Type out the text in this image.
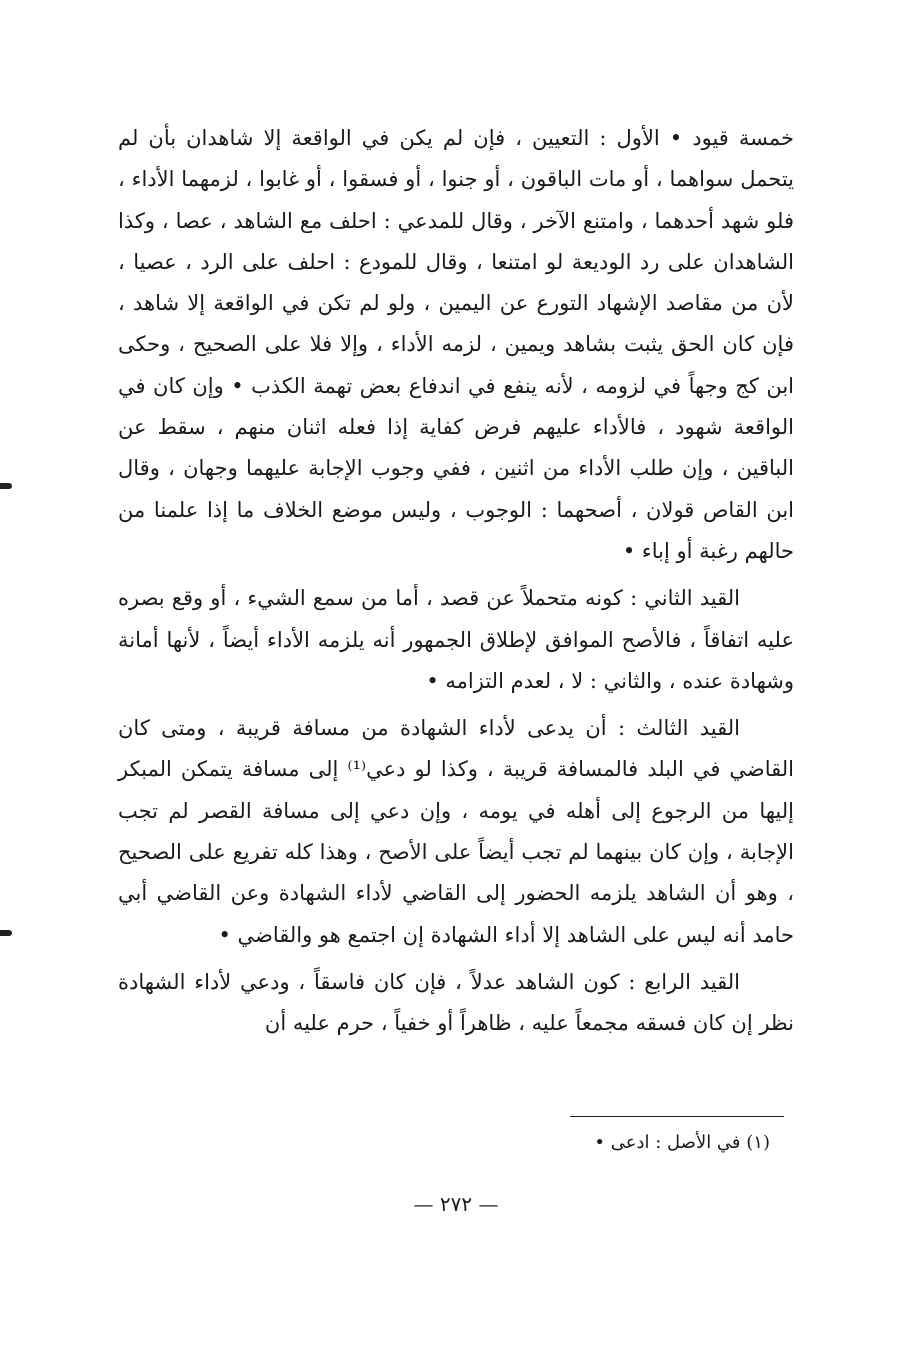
خمسة قيود • الأول : التعيين ، فإن لم يكن في الواقعة إلا شاهدان بأن لم يتحمل سواهما ، أو مات الباقون ، أو جنوا ، أو فسقوا ، أو غابوا ، لزمهما الأداء ، فلو شهد أحدهما ، وامتنع الآخر ، وقال للمدعي : احلف مع الشاهد ، عصا ، وكذا الشاهدان على رد الوديعة لو امتنعا ، وقال للمودع : احلف على الرد ، عصيا ، لأن من مقاصد الإشهاد التورع عن اليمين ، ولو لم تكن في الواقعة إلا شاهد ، فإن كان الحق يثبت بشاهد ويمين ، لزمه الأداء ، وإلا فلا على الصحيح ، وحكى ابن كج وجهاً في لزومه ، لأنه ينفع في اندفاع بعض تهمة الكذب • وإن كان في الواقعة شهود ، فالأداء عليهم فرض كفاية إذا فعله اثنان منهم ، سقط عن الباقين ، وإن طلب الأداء من اثنين ، ففي وجوب الإجابة عليهما وجهان ، وقال ابن القاص قولان ، أصحهما : الوجوب ، وليس موضع الخلاف ما إذا علمنا من حالهم رغبة أو إباء •

القيد الثاني : كونه متحملاً عن قصد ، أما من سمع الشيء ، أو وقع بصره عليه اتفاقاً ، فالأصح الموافق لإطلاق الجمهور أنه يلزمه الأداء أيضاً ، لأنها أمانة وشهادة عنده ، والثاني : لا ، لعدم التزامه •

القيد الثالث : أن يدعى لأداء الشهادة من مسافة قريبة ، ومتى كان القاضي في البلد فالمسافة قريبة ، وكذا لو دعي⁽¹⁾ إلى مسافة يتمكن المبكر إليها من الرجوع إلى أهله في يومه ، وإن دعي إلى مسافة القصر لم تجب الإجابة ، وإن كان بينهما لم تجب أيضاً على الأصح ، وهذا كله تفريع على الصحيح ، وهو أن الشاهد يلزمه الحضور إلى القاضي لأداء الشهادة وعن القاضي أبي حامد أنه ليس على الشاهد إلا أداء الشهادة إن اجتمع هو والقاضي •

القيد الرابع : كون الشاهد عدلاً ، فإن كان فاسقاً ، ودعي لأداء الشهادة نظر إن كان فسقه مجمعاً عليه ، ظاهراً أو خفياً ، حرم عليه أن

(١) في الأصل : ادعى •

— ٢٧٢ —
